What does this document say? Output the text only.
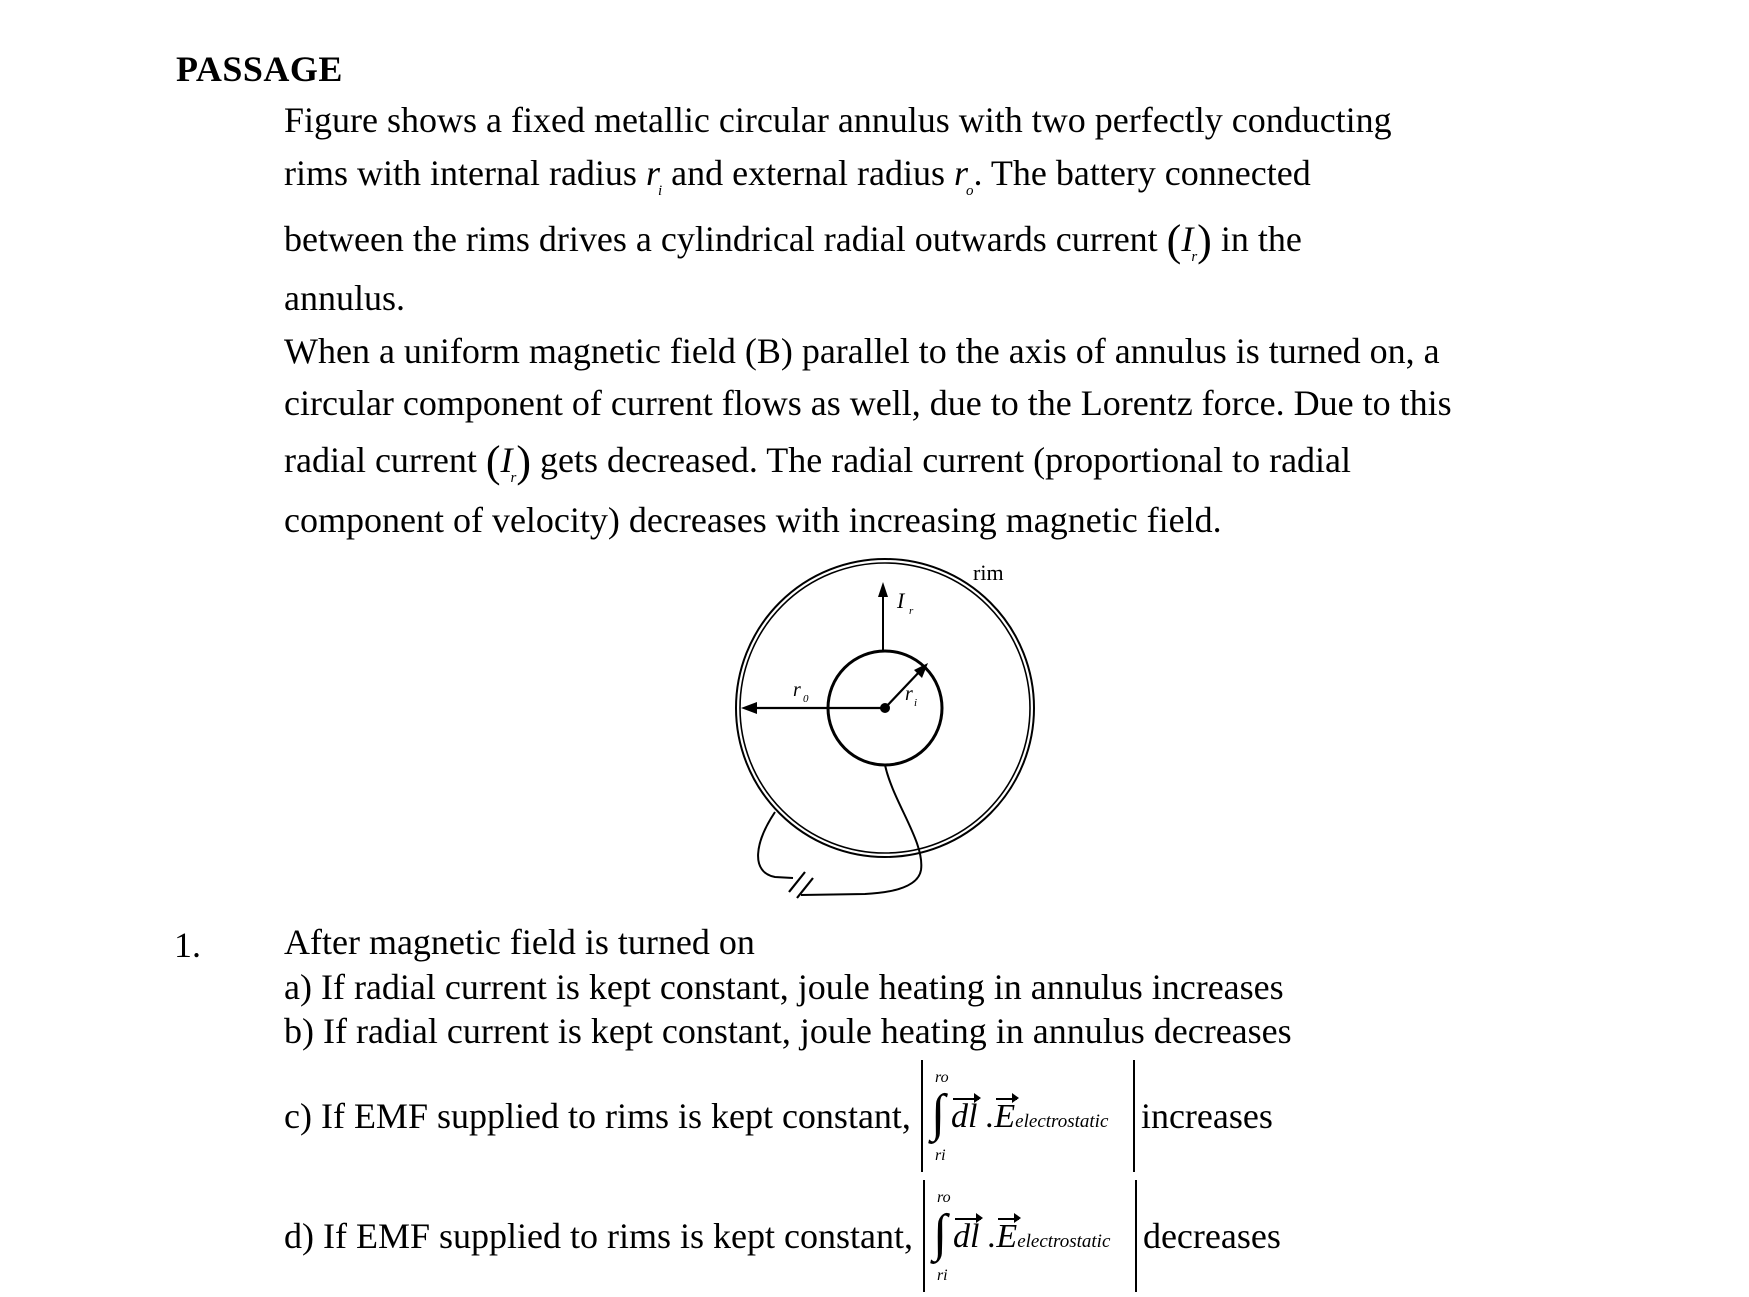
PASSAGE
Figure shows a fixed metallic circular annulus with two perfectly conducting
rims with internal radius $r_i$ and external radius $r_o$. The battery connected
between the rims drives a cylindrical radial outwards current $(I_r)$ in the
annulus.
When a uniform magnetic field (B) parallel to the axis of annulus is turned on, a
circular component of current flows as well, due to the Lorentz force. Due to this
radial current $(I_r)$ gets decreased. The radial current (proportional to radial
component of velocity) decreases with increasing magnetic field.
rim
I r
r 0	r i
1. After magnetic field is turned on
a) If radial current is kept constant, joule heating in annulus increases
b) If radial current is kept constant, joule heating in annulus decreases
c) If EMF supplied to rims is kept constant,
ro
∫ dl .Eelectrostatic
ri
increases
d) If EMF supplied to rims is kept constant,
ro
∫ dl .Eelectrostatic
ri
decreases
